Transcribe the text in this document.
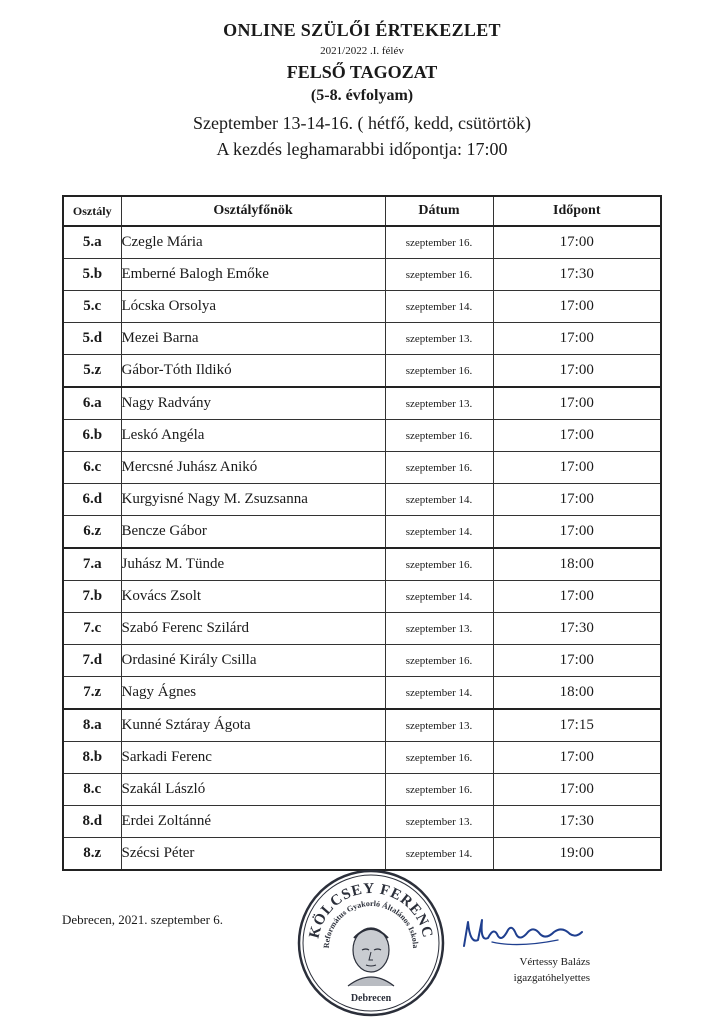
ONLINE SZÜLŐI ÉRTEKEZLET
2021/2022 .I. félév
FELSŐ TAGOZAT
(5-8. évfolyam)
Szeptember 13-14-16. ( hétfő, kedd, csütörtök)
A kezdés leghamarabbi időpontja: 17:00
Osztály	Osztályfőnök	Dátum	Időpont
5.a	Czegle Mária	szeptember 16.	17:00
5.b	Emberné Balogh Emőke	szeptember 16.	17:30
5.c	Lócska Orsolya	szeptember 14.	17:00
5.d	Mezei Barna	szeptember 13.	17:00
5.z	Gábor-Tóth Ildikó	szeptember 16.	17:00
6.a	Nagy Radvány	szeptember 13.	17:00
6.b	Leskó Angéla	szeptember 16.	17:00
6.c	Mercsné Juhász Anikó	szeptember 16.	17:00
6.d	Kurgyisné Nagy M. Zsuzsanna	szeptember 14.	17:00
6.z	Bencze Gábor	szeptember 14.	17:00
7.a	Juhász M. Tünde	szeptember 16.	18:00
7.b	Kovács Zsolt	szeptember 14.	17:00
7.c	Szabó Ferenc Szilárd	szeptember 13.	17:30
7.d	Ordasiné Király Csilla	szeptember 16.	17:00
7.z	Nagy Ágnes	szeptember 14.	18:00
8.a	Kunné Sztáray Ágota	szeptember 13.	17:15
8.b	Sarkadi Ferenc	szeptember 16.	17:00
8.c	Szakál László	szeptember 16.	17:00
8.d	Erdei Zoltánné	szeptember 13.	17:30
8.z	Szécsi Péter	szeptember 14.	19:00
Debrecen, 2021. szeptember 6.
KÖLCSEY FERENC
Református Gyakorló Általános Iskola
Debrecen
Vértessy Balázs
igazgatóhelyettes
